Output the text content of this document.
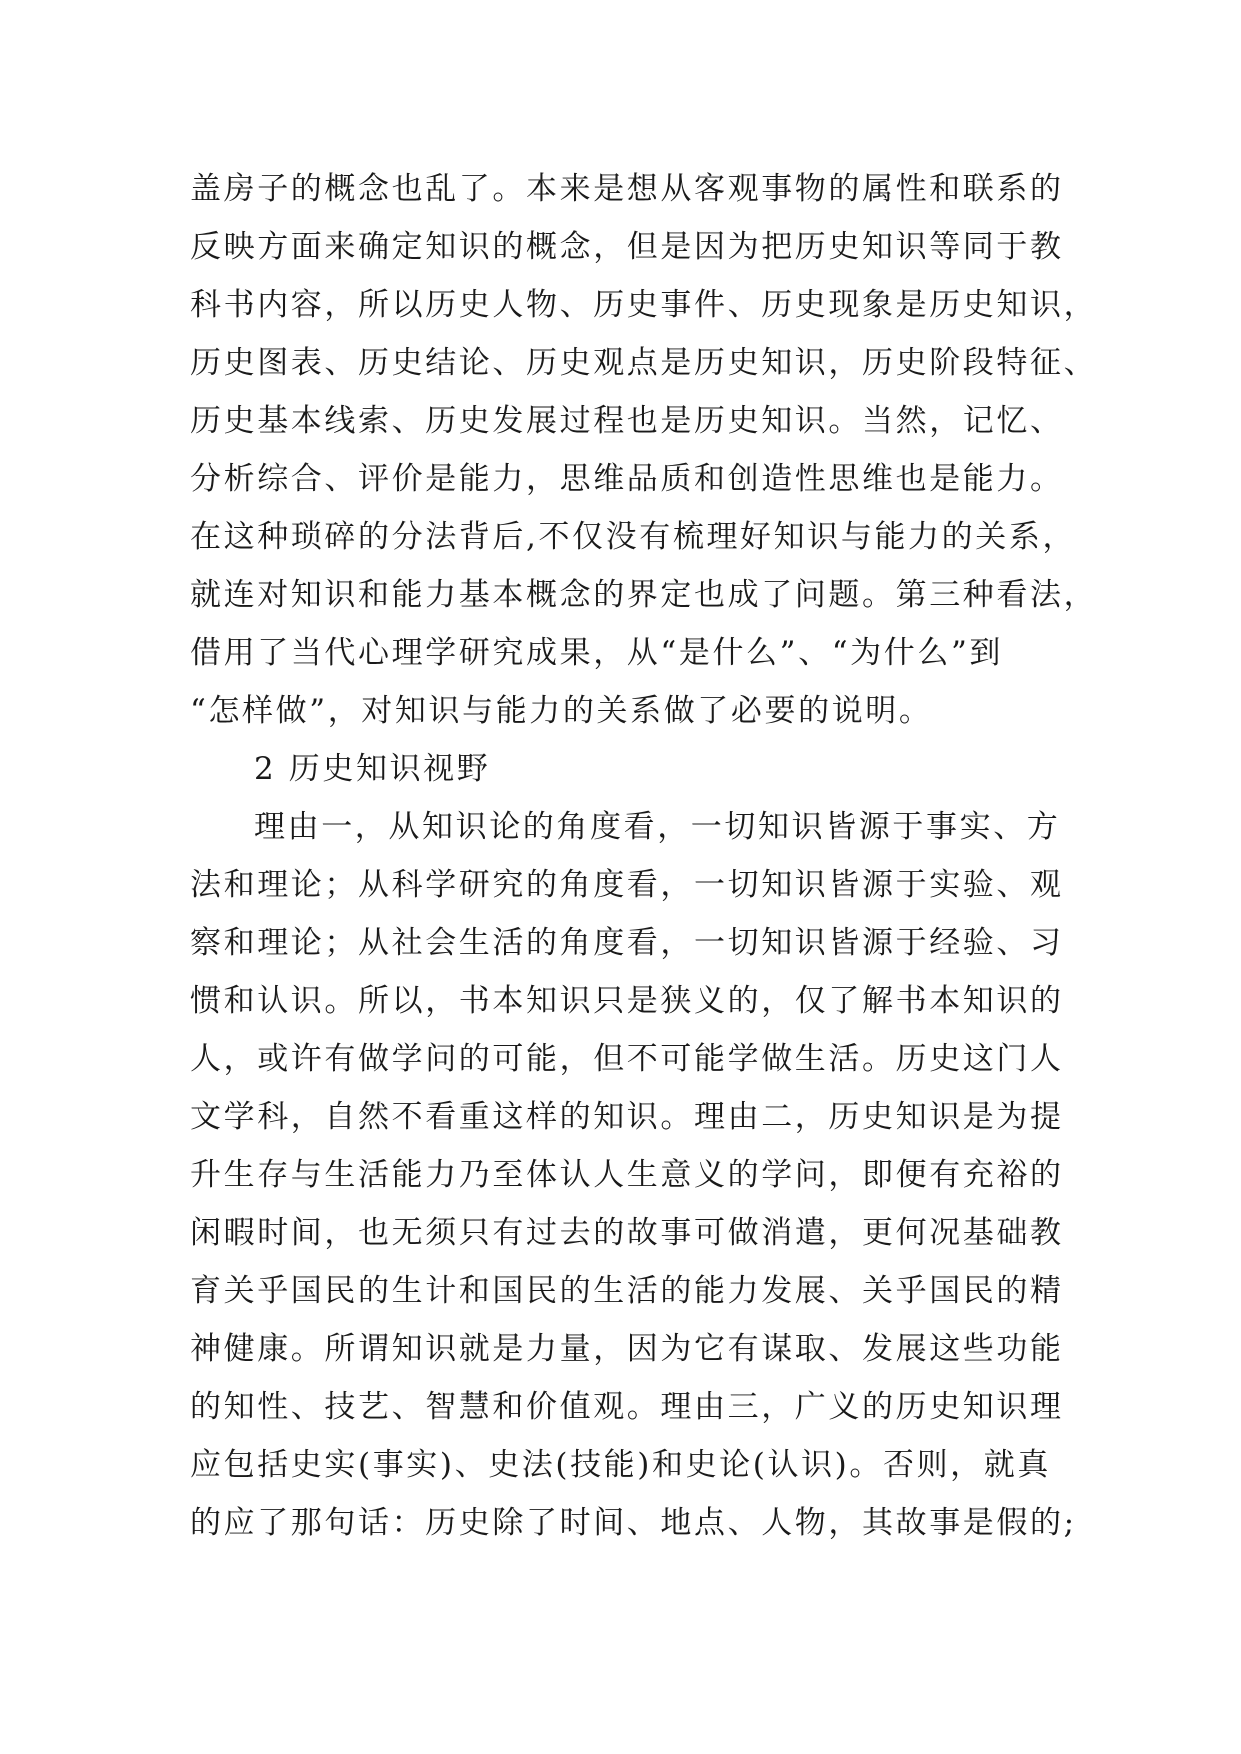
盖房子的概念也乱了。本来是想从客观事物的属性和联系的
反映方面来确定知识的概念，但是因为把历史知识等同于教
科书内容，所以历史人物、历史事件、历史现象是历史知识，
历史图表、历史结论、历史观点是历史知识，历史阶段特征、
历史基本线索、历史发展过程也是历史知识。当然，记忆、
分析综合、评价是能力，思维品质和创造性思维也是能力。
在这种琐碎的分法背后,不仅没有梳理好知识与能力的关系，
就连对知识和能力基本概念的界定也成了问题。第三种看法，
借用了当代心理学研究成果，从“是什么”、“为什么”到
“怎样做”，对知识与能力的关系做了必要的说明。
2 历史知识视野
理由一，从知识论的角度看，一切知识皆源于事实、方
法和理论；从科学研究的角度看，一切知识皆源于实验、观
察和理论；从社会生活的角度看，一切知识皆源于经验、习
惯和认识。所以，书本知识只是狭义的，仅了解书本知识的
人，或许有做学问的可能，但不可能学做生活。历史这门人
文学科，自然不看重这样的知识。理由二，历史知识是为提
升生存与生活能力乃至体认人生意义的学问，即便有充裕的
闲暇时间，也无须只有过去的故事可做消遣，更何况基础教
育关乎国民的生计和国民的生活的能力发展、关乎国民的精
神健康。所谓知识就是力量，因为它有谋取、发展这些功能
的知性、技艺、智慧和价值观。理由三，广义的历史知识理
应包括史实(事实)、史法(技能)和史论(认识)。否则，就真
的应了那句话：历史除了时间、地点、人物，其故事是假的;
